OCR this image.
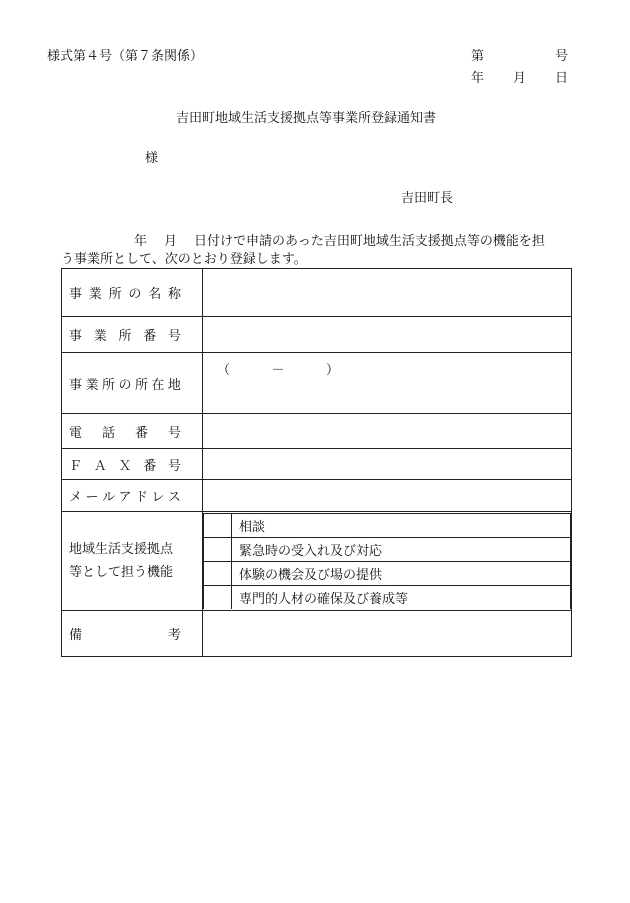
様式第４号（第７条関係）	第	号
年 月 日
吉田町地域生活支援拠点等事業所登録通知書
様
吉田町長
年 月 日付けで申請のあった吉田町地域生活支援拠点等の機能を担
う事業所として、次のとおり登録します。
事 業 所 の 名 称

事 業 所 番 号

事 業 所 の 所 在 地

（	－	）

電 話 番 号

Ｆ Ａ Ｘ 番 号

メ ー ル ア ド レ ス

地域生活支援拠点
等として担う機能

	相談
	緊急時の受入れ及び対応
	体験の機会及び場の提供
	専門的人材の確保及び養成等

備	考
